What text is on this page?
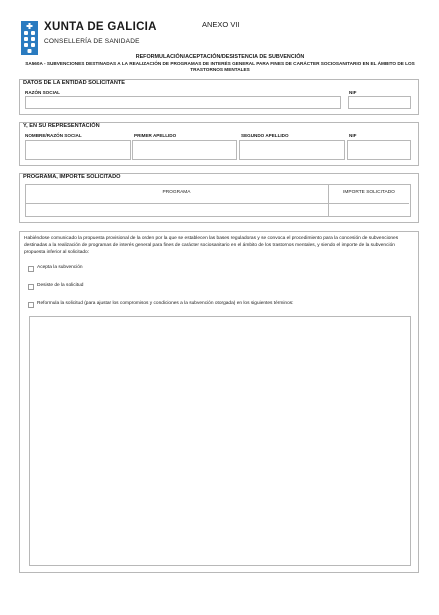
XUNTA DE GALICIA
CONSELLERÍA DE SANIDADE
ANEXO VII
REFORMULACIÓN/ACEPTACIÓN/DESISTENCIA DE SUBVENCIÓN
SA560A - SUBVENCIONES DESTINADAS A LA REALIZACIÓN DE PROGRAMAS DE INTERÉS GENERAL PARA FINES DE CARÁCTER SOCIOSANITARIO EN EL ÁMBITO DE LOS TRASTORNOS MENTALES
DATOS DE LA ENTIDAD SOLICITANTE
RAZÓN SOCIAL	NIF
Y, EN SU REPRESENTACIÓN
NOMBRE/RAZÓN SOCIAL	PRIMER APELLIDO	SEGUNDO APELLIDO	NIF
PROGRAMA, IMPORTE SOLICITADO
PROGRAMA	IMPORTE SOLICITADO
Habiéndose comunicado la propuesta provisional de la orden por la que se establecen las bases reguladoras y se convoca el procedimiento para la concesión de subvenciones destinadas a la realización de programas de interés general para fines de carácter sociosanitario en el ámbito de los trastornos mentales, y siendo el importe de la subvención propuesta inferior al solicitado:
Acepta la subvención
Desiste de la solicitud
Reformula la solicitud (para ajustar los compromisos y condiciones a la subvención otorgada) en los siguientes términos:
